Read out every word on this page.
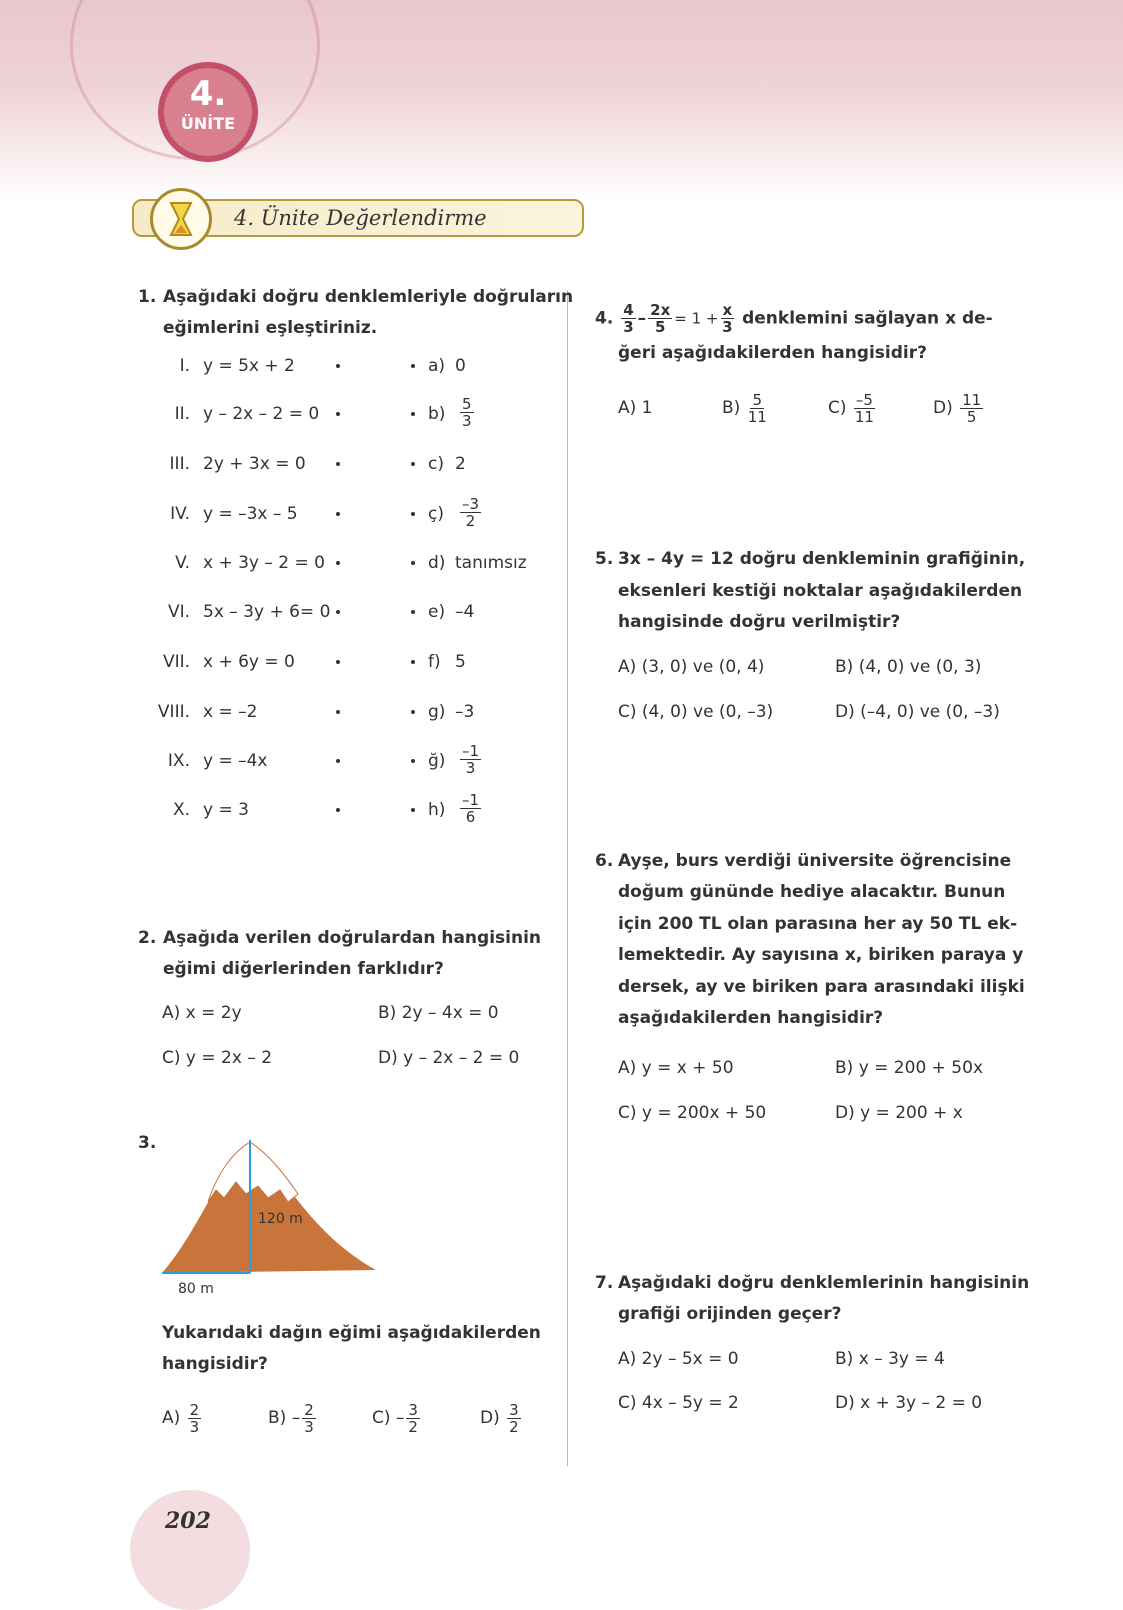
4.
ÜNİTE
4. Ünite Değerlendirme
1. Aşağıdaki doğru denklemleriyle doğruların
eğimlerini eşleştiriniz.
I. y = 5x + 2	a) 0
II. y – 2x – 2 = 0	$b) \frac{5}{3}$
III. 2y + 3x = 0	c) 2
IV. y = –3x – 5	ç) $\frac{-3}{2}$
V. x + 3y – 2 = 0	d) tanımsız
VI. 5x – 3y + 6= 0	e) –4
VII. x + 6y = 0	f) 5
VIII. x = –2	g) –3
IX. y = –4x	ğ) $\frac{-1}{3}$
X. y = 3	$h) \frac{-1}{6}$
2. Aşağıda verilen doğrulardan hangisinin
eğimi diğerlerinden farklıdır?
A) x = 2y	B) 2y – 4x = 0
C) y = 2x – 2	D) y – 2x – 2 = 0
3.
120 m
80 m
Yukarıdaki dağın eğimi aşağıdakilerden
hangisidir?
$A) \frac{2}{3}$	$B) - \frac{2}{3}$	$C) - \frac{3}{2}$	$D) \frac{3}{2}$
4. $\frac{4}{3} - \frac{2x}{5} = 1 + \frac{x}{3}$ denklemini sağlayan x de-
ğeri aşağıdakilerden hangisidir?
A) 1	$B) \frac{5}{11}$	$C) \frac{-5}{11}$	$D) \frac{11}{5}$
5. 3x – 4y = 12 doğru denkleminin grafiğinin,
eksenleri kestiği noktalar aşağıdakilerden
hangisinde doğru verilmiştir?
A) (3, 0) ve (0, 4)	B) (4, 0) ve (0, 3)
C) (4, 0) ve (0, –3)	D) (–4, 0) ve (0, –3)
6. Ayşe, burs verdiği üniversite öğrencisine
doğum gününde hediye alacaktır. Bunun
için 200 TL olan parasına her ay 50 TL ek-
lemektedir. Ay sayısına x, biriken paraya y
dersek, ay ve biriken para arasındaki ilişki
aşağıdakilerden hangisidir?
A) y = x + 50	B) y = 200 + 50x
C) y = 200x + 50	D) y = 200 + x
7. Aşağıdaki doğru denklemlerinin hangisinin
grafiği orijinden geçer?
A) 2y – 5x = 0	B) x – 3y = 4
C) 4x – 5y = 2	D) x + 3y – 2 = 0
202
